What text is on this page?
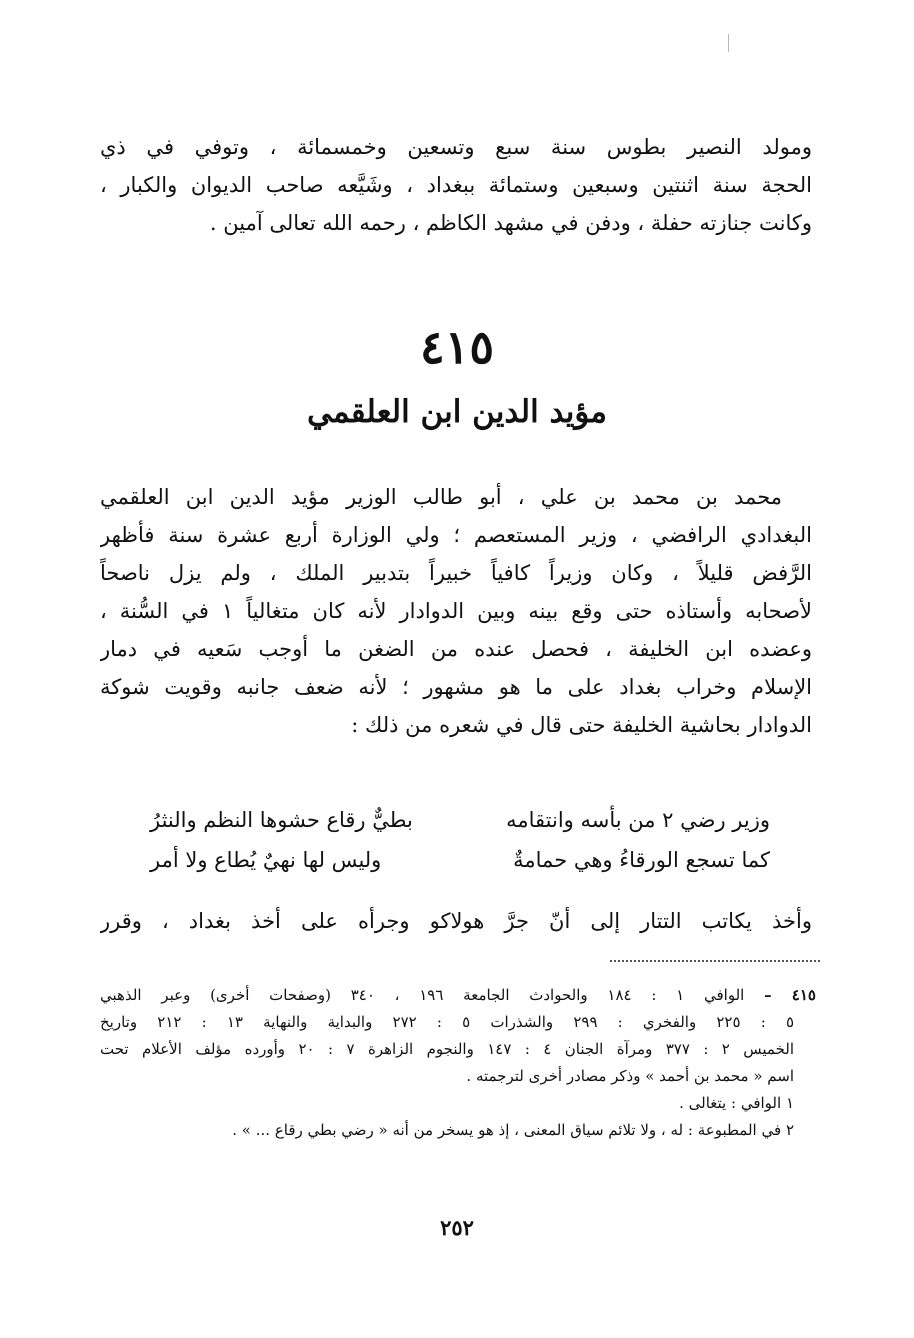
ومولد النصير بطوس سنة سبع وتسعين وخمسمائة ، وتوفي في ذي
الحجة سنة اثنتين وسبعين وستمائة ببغداد ، وشَيَّعه صاحب الديوان والكبار ،
وكانت جنازته حفلة ، ودفن في مشهد الكاظم ، رحمه الله تعالى آمين .
٤١٥
مؤيد الدين ابن العلقمي
محمد بن محمد بن علي ، أبو طالب الوزير مؤيد الدين ابن العلقمي
البغدادي الرافضي ، وزير المستعصم ؛ ولي الوزارة أربع عشرة سنة فأظهر
الرَّفض قليلاً ، وكان وزيراً كافياً خبيراً بتدبير الملك ، ولم يزل ناصحاً
لأصحابه وأستاذه حتى وقع بينه وبين الدوادار لأنه كان متغالياً ١ في السُّنة ،
وعضده ابن الخليفة ، فحصل عنده من الضغن ما أوجب سَعيه في دمار
الإسلام وخراب بغداد على ما هو مشهور ؛ لأنه ضعف جانبه وقويت شوكة
الدوادار بحاشية الخليفة حتى قال في شعره من ذلك :
وزير رضي ٢ من بأسه وانتقامه
بطيٌّ رقاع حشوها النظم والنثرُ
كما تسجع الورقاءُ وهي حمامةٌ
وليس لها نهيٌ يُطاع ولا أمر
وأخذ يكاتب التتار إلى أنّ جرَّ هولاكو وجرأه على أخذ بغداد ، وقرر
٤١٥ – الوافي ١ : ١٨٤ والحوادث الجامعة ١٩٦ ، ٣٤٠ (وصفحات أخرى) وعبر الذهبي
٥ : ٢٢٥ والفخري : ٢٩٩ والشذرات ٥ : ٢٧٢ والبداية والنهاية ١٣ : ٢١٢ وتاريخ
الخميس ٢ : ٣٧٧ ومرآة الجنان ٤ : ١٤٧ والنجوم الزاهرة ٧ : ٢٠ وأورده مؤلف الأعلام تحت
اسم « محمد بن أحمد » وذكر مصادر أخرى لترجمته .
١ الوافي : يتغالى .
٢ في المطبوعة : له ، ولا تلائم سياق المعنى ، إذ هو يسخر من أنه « رضي بطي رقاع ... » .
٢٥٢
